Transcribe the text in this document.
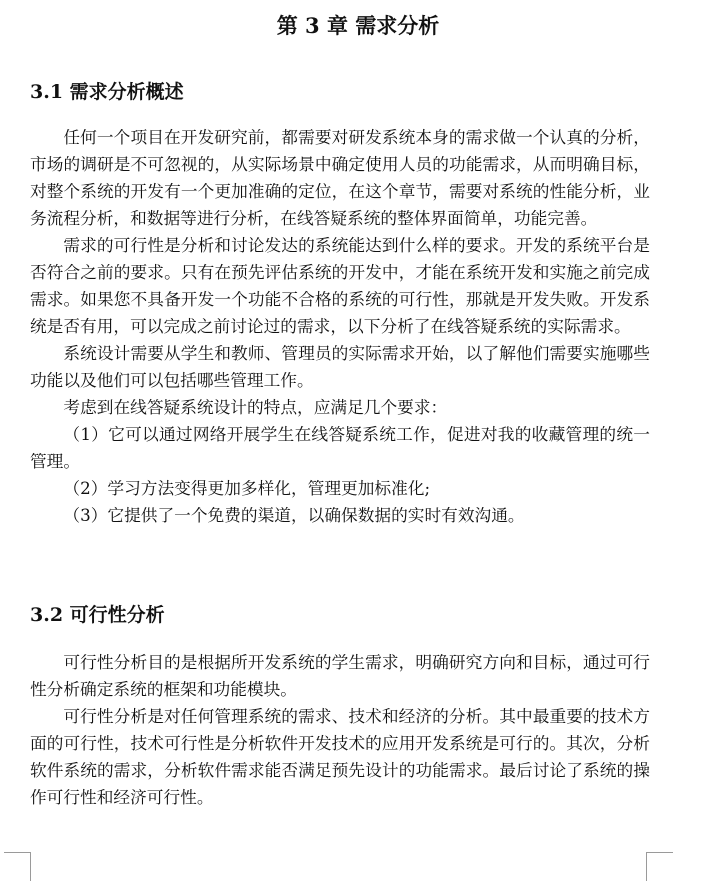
第 3 章 需求分析
3.1 需求分析概述

任何一个项目在开发研究前，都需要对研发系统本身的需求做一个认真的分析，市场的调研是不可忽视的，从实际场景中确定使用人员的功能需求，从而明确目标，对整个系统的开发有一个更加准确的定位，在这个章节，需要对系统的性能分析，业务流程分析，和数据等进行分析，在线答疑系统的整体界面简单，功能完善。

需求的可行性是分析和讨论发达的系统能达到什么样的要求。开发的系统平台是否符合之前的要求。只有在预先评估系统的开发中，才能在系统开发和实施之前完成需求。如果您不具备开发一个功能不合格的系统的可行性，那就是开发失败。开发系统是否有用，可以完成之前讨论过的需求，以下分析了在线答疑系统的实际需求。

系统设计需要从学生和教师、管理员的实际需求开始，以了解他们需要实施哪些功能以及他们可以包括哪些管理工作。

考虑到在线答疑系统设计的特点，应满足几个要求：

（1）它可以通过网络开展学生在线答疑系统工作，促进对我的收藏管理的统一管理。

（2）学习方法变得更加多样化，管理更加标准化;

（3）它提供了一个免费的渠道，以确保数据的实时有效沟通。

3.2 可行性分析

可行性分析目的是根据所开发系统的学生需求，明确研究方向和目标，通过可行性分析确定系统的框架和功能模块。

可行性分析是对任何管理系统的需求、技术和经济的分析。其中最重要的技术方面的可行性，技术可行性是分析软件开发技术的应用开发系统是可行的。其次，分析软件系统的需求，分析软件需求能否满足预先设计的功能需求。最后讨论了系统的操作可行性和经济可行性。
